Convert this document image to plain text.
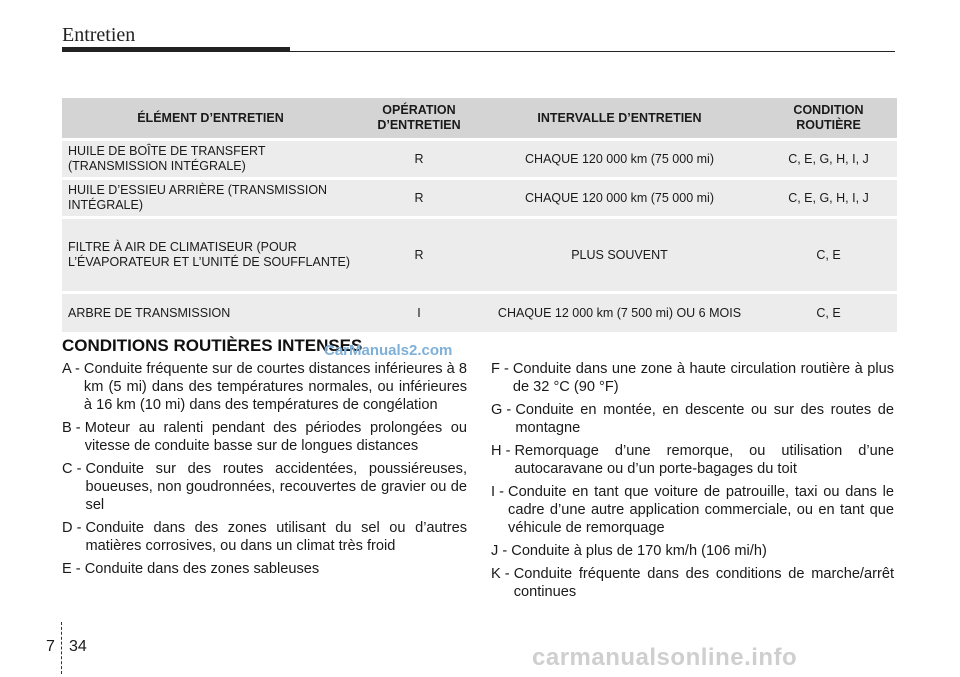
Entretien
ÉLÉMENT D’ENTRETIEN	OPÉRATION D’ENTRETIEN	INTERVALLE D’ENTRETIEN	CONDITION ROUTIÈRE
HUILE DE BOÎTE DE TRANSFERT (TRANSMISSION INTÉGRALE)	R	CHAQUE 120 000 km (75 000 mi)	C, E, G, H, I, J
HUILE D’ESSIEU ARRIÈRE (TRANSMISSION INTÉGRALE)	R	CHAQUE 120 000 km (75 000 mi)	C, E, G, H, I, J
FILTRE À AIR DE CLIMATISEUR (POUR L’ÉVAPORATEUR ET L’UNITÉ DE SOUFFLANTE)	R	PLUS SOUVENT	C, E
ARBRE DE TRANSMISSION	I	CHAQUE 12 000 km (7 500 mi) OU 6 MOIS	C, E
CONDITIONS ROUTIÈRES INTENSES
CarManuals2.com
A - Conduite fréquente sur de courtes distances inférieures à 8 km (5 mi) dans des températures normales, ou inférieures à 16 km (10 mi) dans des températures de congélation
B - Moteur au ralenti pendant des périodes prolongées ou vitesse de conduite basse sur de longues distances
C - Conduite sur des routes accidentées, poussiéreuses, boueuses, non goudronnées, recouvertes de gravier ou de sel
D - Conduite dans des zones utilisant du sel ou d’autres matières corrosives, ou dans un climat très froid
E - Conduite dans des zones sableuses
F - Conduite dans une zone à haute circulation routière à plus de 32 °C (90 °F)
G - Conduite en montée, en descente ou sur des routes de montagne
H - Remorquage d’une remorque, ou utilisation d’une autocaravane ou d’un porte-bagages du toit
I - Conduite en tant que voiture de patrouille, taxi ou dans le cadre d’une autre application commerciale, ou en tant que véhicule de remorquage
J - Conduite à plus de 170 km/h (106 mi/h)
K - Conduite fréquente dans des conditions de marche/arrêt continues
7 34	carmanualsonline.info
